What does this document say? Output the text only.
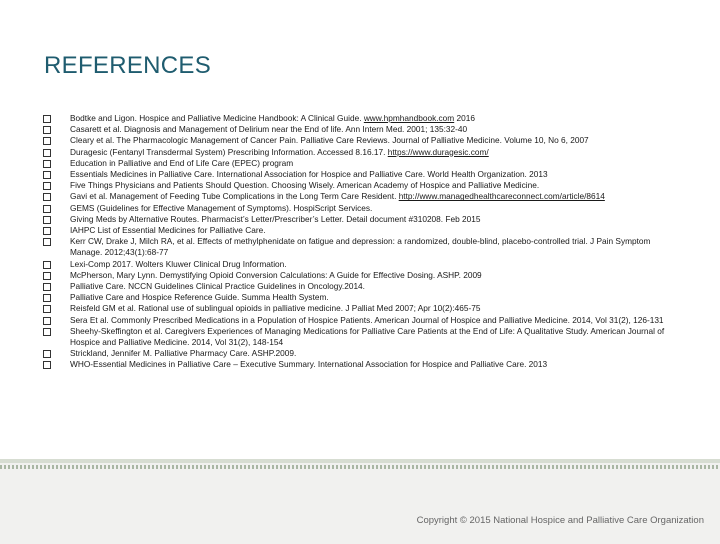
REFERENCES
Bodtke and Ligon. Hospice and Palliative Medicine Handbook: A Clinical Guide. www.hpmhandbook.com 2016
Casarett et al. Diagnosis and Management of Delirium near the End of life. Ann Intern Med. 2001; 135:32-40
Cleary et al. The Pharmacologic Management of Cancer Pain. Palliative Care Reviews. Journal of Palliative Medicine. Volume 10, No 6, 2007
Duragesic (Fentanyl Transdermal System) Prescribing Information. Accessed 8.16.17. https://www.duragesic.com/
Education in Palliative and End of Life Care (EPEC) program
Essentials Medicines in Palliative Care. International Association for Hospice and Palliative Care. World Health Organization. 2013
Five Things Physicians and Patients Should Question. Choosing Wisely. American Academy of Hospice and Palliative Medicine.
Gavi et al. Management of Feeding Tube Complications in the Long Term Care Resident. http://www.managedhealthcareconnect.com/article/8614
GEMS (Guidelines for Effective Management of Symptoms). HospiScript Services.
Giving Meds by Alternative Routes. Pharmacist’s Letter/Prescriber’s Letter. Detail document #310208. Feb 2015
IAHPC List of Essential Medicines for Palliative Care.
Kerr CW, Drake J, Milch RA, et al. Effects of methylphenidate on fatigue and depression: a randomized, double-blind, placebo-controlled trial. J Pain Symptom Manage. 2012;43(1):68-77
Lexi-Comp 2017. Wolters Kluwer Clinical Drug Information.
McPherson, Mary Lynn. Demystifying Opioid Conversion Calculations: A Guide for Effective Dosing. ASHP. 2009
Palliative Care. NCCN Guidelines Clinical Practice Guidelines in Oncology.2014.
Palliative Care and Hospice Reference Guide. Summa Health System.
Reisfeld GM et al. Rational use of sublingual opioids in palliative medicine. J Palliat Med 2007; Apr 10(2):465-75
Sera Et al. Commonly Prescribed Medications in a Population of Hospice Patients. American Journal of Hospice and Palliative Medicine. 2014, Vol 31(2), 126-131
Sheehy-Skeffington et al. Caregivers Experiences of Managing Medications for Palliative Care Patients at the End of Life: A Qualitative Study. American Journal of Hospice and Palliative Medicine. 2014, Vol 31(2), 148-154
Strickland, Jennifer M. Palliative Pharmacy Care. ASHP.2009.
WHO-Essential Medicines in Palliative Care – Executive Summary. International Association for Hospice and Palliative Care. 2013
Copyright © 2015 National Hospice and Palliative Care Organization
